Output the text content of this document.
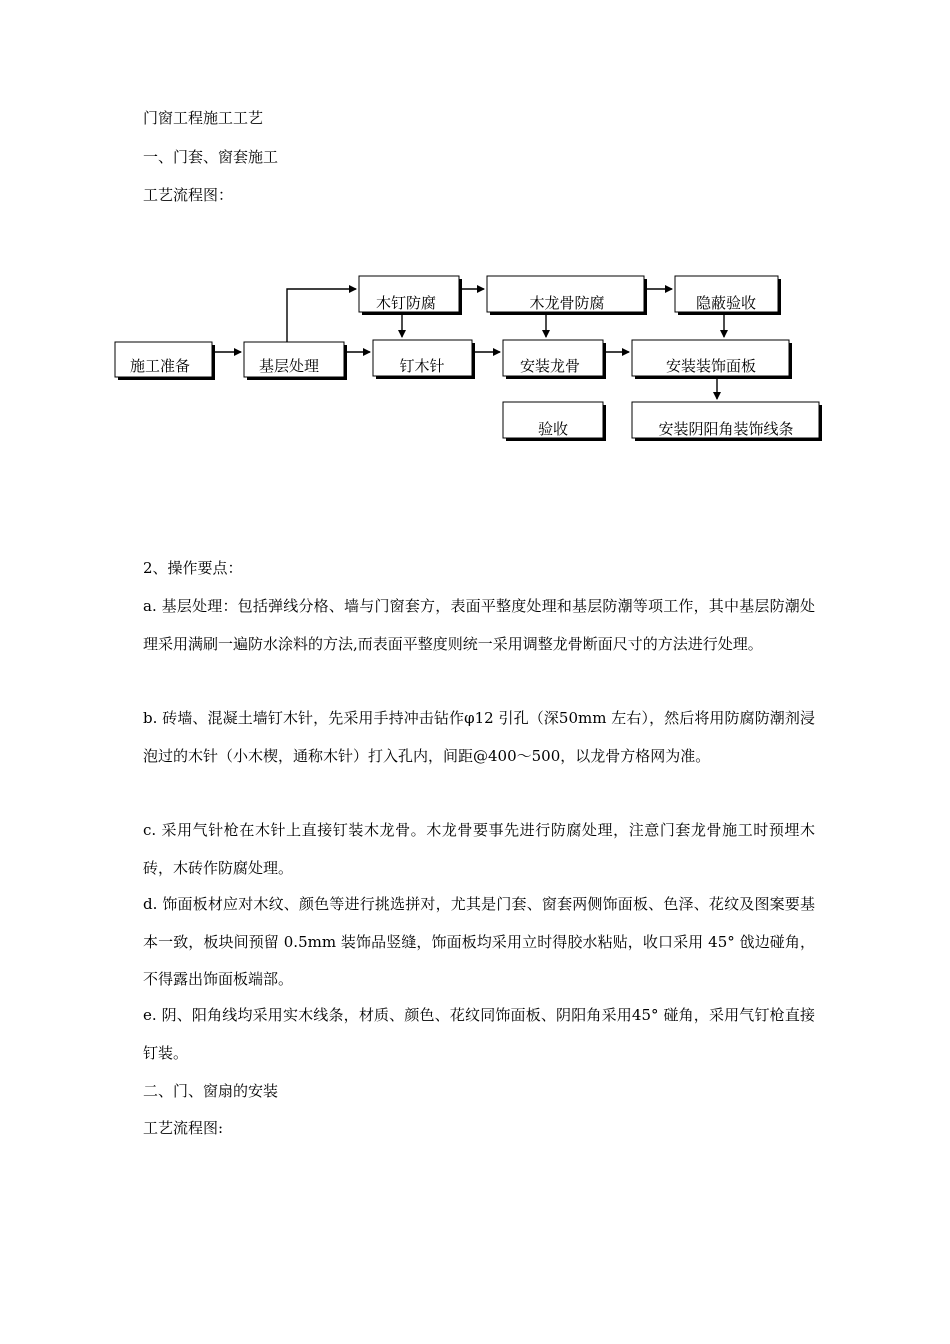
门窗工程施工工艺
一、门套、窗套施工
工艺流程图：
施工准备	基层处理
木钉防腐	木龙骨防腐	隐蔽验收
钉木针	安装龙骨	安装装饰面板
验收	安装阴阳角装饰线条
2、操作要点：
a. 基层处理：包括弹线分格、墙与门窗套方，表面平整度处理和基层防潮等项工作，其中基层防潮处理采用满刷一遍防水涂料的方法,而表面平整度则统一采用调整龙骨断面尺寸的方法进行处理。
b. 砖墙、混凝土墙钉木针，先采用手持冲击钻作φ12 引孔（深50mm 左右），然后将用防腐防潮剂浸泡过的木针（小木楔，通称木针）打入孔内，间距@400～500，以龙骨方格网为准。
c. 采用气针枪在木针上直接钉装木龙骨。木龙骨要事先进行防腐处理，注意门套龙骨施工时预埋木砖，木砖作防腐处理。
d. 饰面板材应对木纹、颜色等进行挑选拼对，尤其是门套、窗套两侧饰面板、色泽、花纹及图案要基本一致，板块间预留 0.5mm 装饰品竖缝，饰面板均采用立时得胶水粘贴，收口采用 45° 戗边碰角，不得露出饰面板端部。
e. 阴、阳角线均采用实木线条，材质、颜色、花纹同饰面板、阴阳角采用45° 碰角，采用气钉枪直接钉装。
二、门、窗扇的安装
工艺流程图:
